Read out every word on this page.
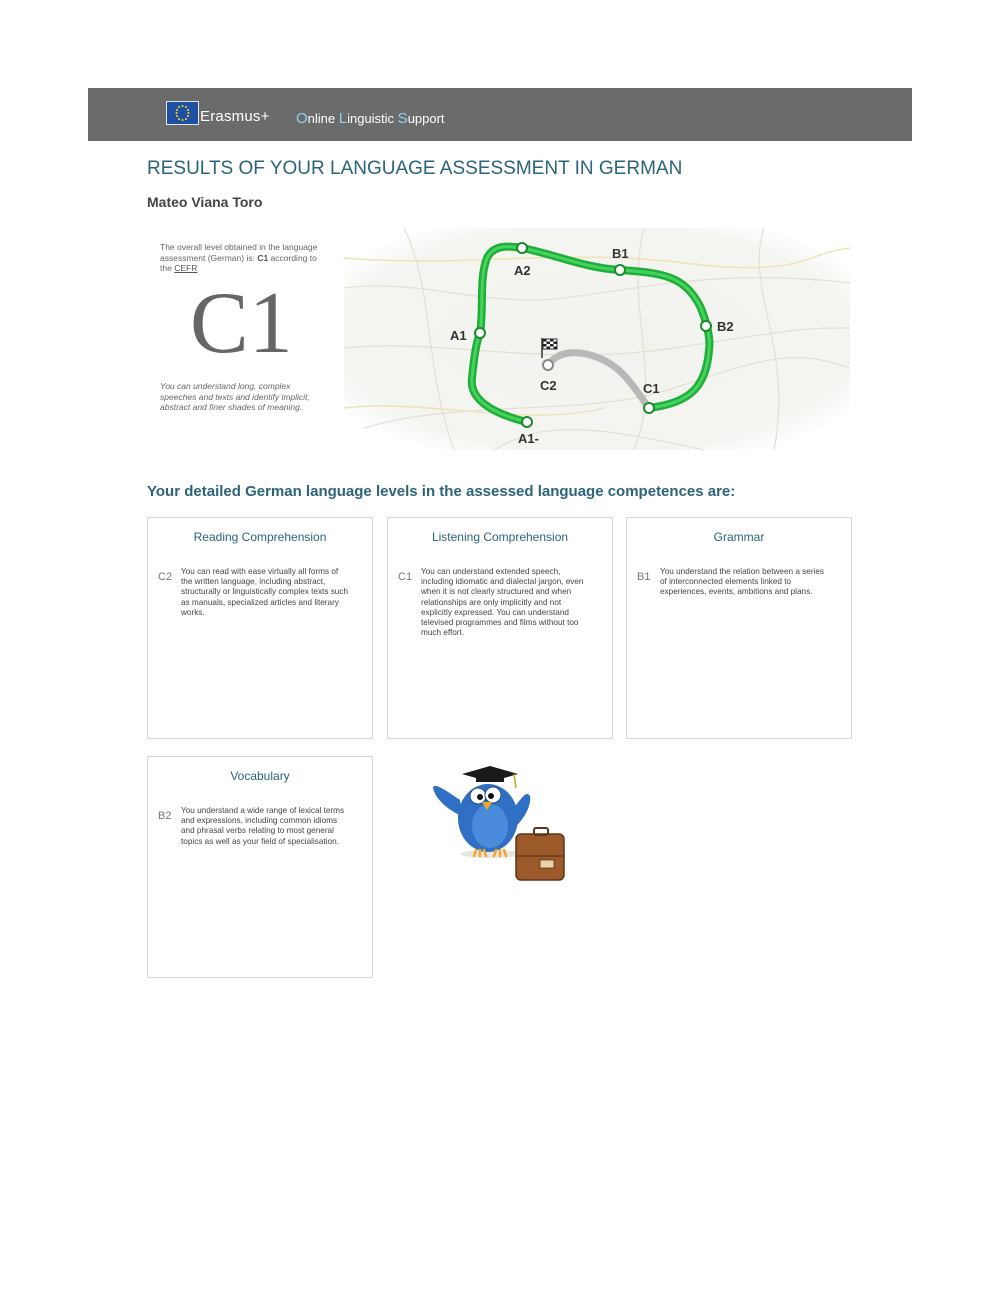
Erasmus+ Online Linguistic Support
RESULTS OF YOUR LANGUAGE ASSESSMENT IN GERMAN
Mateo Viana Toro
The overall level obtained in the language assessment (German) is: C1 according to the CEFR
C1
You can understand long, complex speeches and texts and identify implicit, abstract and finer shades of meaning.
A1-
A1
A2
B1
B2
C1
C2
Your detailed German language levels in the assessed language competences are:
Reading Comprehension
C2 You can read with ease virtually all forms of the written language, including abstract, structurally or linguistically complex texts such as manuals, specialized articles and literary works.
Listening Comprehension
C1 You can understand extended speech, including idiomatic and dialectal jargon, even when it is not clearly structured and when relationships are only implicitly and not explicitly expressed. You can understand televised programmes and films without too much effort.
Grammar
B1 You understand the relation between a series of interconnected elements linked to experiences, events, ambitions and plans.
Vocabulary
B2 You understand a wide range of lexical terms and expressions, including common idioms and phrasal verbs relating to most general topics as well as your field of specialisation.
